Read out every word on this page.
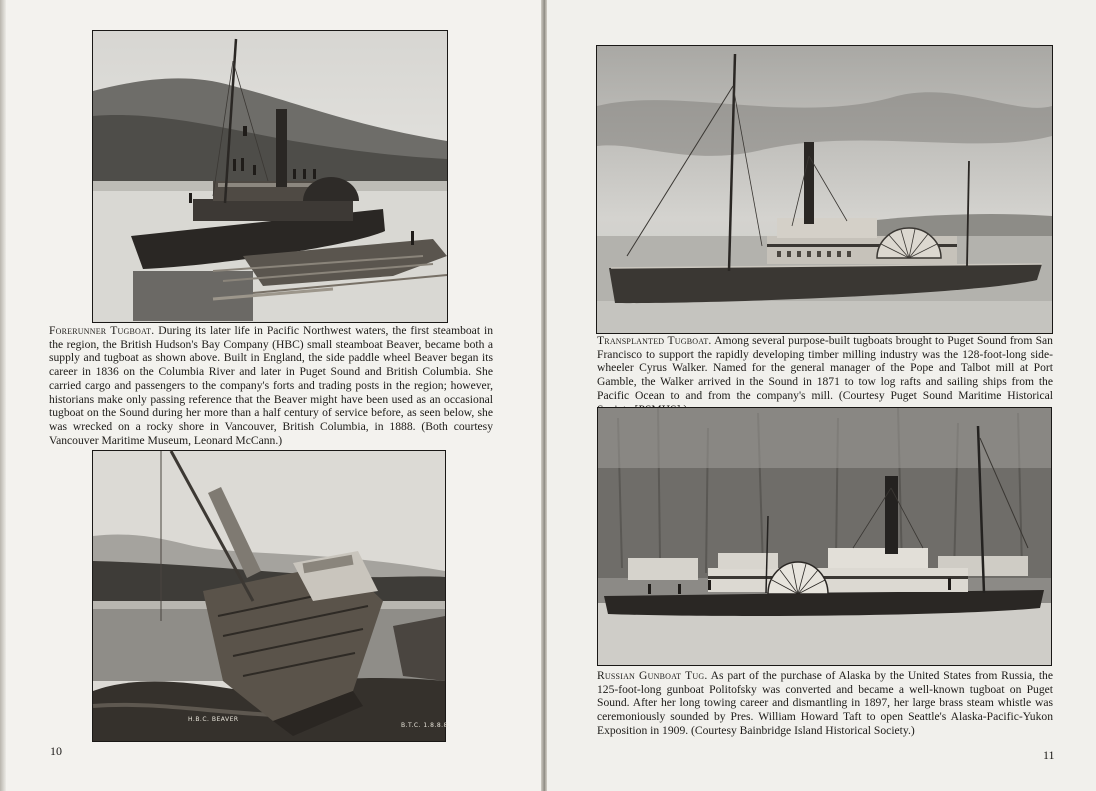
Forerunner Tugboat. During its later life in Pacific Northwest waters, the first steamboat in the region, the British Hudson's Bay Company (HBC) small steamboat Beaver, became both a supply and tugboat as shown above. Built in England, the side paddle wheel Beaver began its career in 1836 on the Columbia River and later in Puget Sound and British Columbia. She carried cargo and passengers to the company's forts and trading posts in the region; however, historians make only passing reference that the Beaver might have been used as an occasional tugboat on the Sound during her more than a half century of service before, as seen below, she was wrecked on a rocky shore in Vancouver, British Columbia, in 1888. (Both courtesy Vancouver Maritime Museum, Leonard McCann.)

H.B.C. BEAVER
B.T.C. 1.8.8.8.
10

Transplanted Tugboat. Among several purpose-built tugboats brought to Puget Sound from San Francisco to support the rapidly developing timber milling industry was the 128-foot-long side-wheeler Cyrus Walker. Named for the general manager of the Pope and Talbot mill at Port Gamble, the Walker arrived in the Sound in 1871 to tow log rafts and sailing ships from the Pacific Ocean to and from the company's mill. (Courtesy Puget Sound Maritime Historical

Russian Gunboat Tug. As part of the purchase of Alaska by the United States from Russia, the 125-foot-long gunboat Politofsky was converted and became a well-known tugboat on Puget Sound. After her long towing career and dismantling in 1897, her large brass steam whistle was ceremoniously sounded by Pres. William Howard Taft to open Seattle's Alaska-Pacific-Yukon Exposition in 1909. (Courtesy Bainbridge Island Historical Society.)

11
